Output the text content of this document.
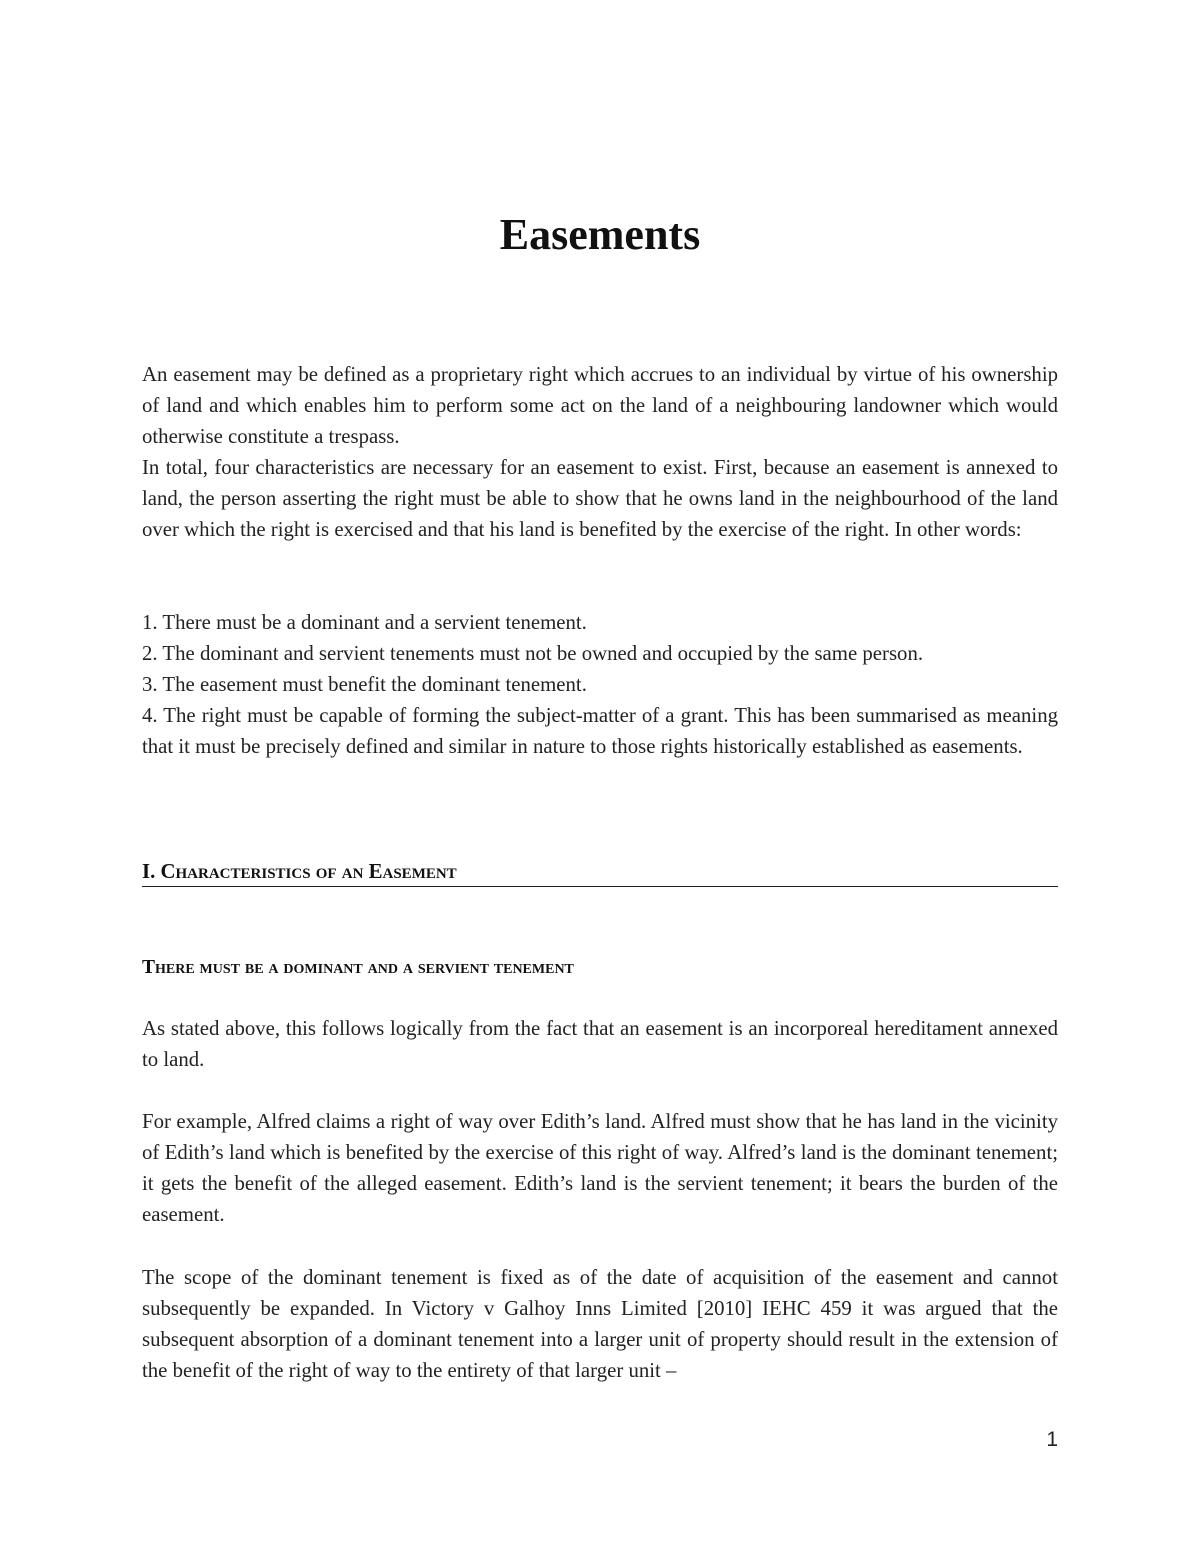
Easements

An easement may be defined as a proprietary right which accrues to an individual by virtue of his ownership of land and which enables him to perform some act on the land of a neighbouring landowner which would otherwise constitute a trespass.

In total, four characteristics are necessary for an easement to exist. First, because an easement is annexed to land, the person asserting the right must be able to show that he owns land in the neighbourhood of the land over which the right is exercised and that his land is benefited by the exercise of the right. In other words:

1. There must be a dominant and a servient tenement.

2. The dominant and servient tenements must not be owned and occupied by the same person.

3. The easement must benefit the dominant tenement.

4. The right must be capable of forming the subject-matter of a grant. This has been summarised as meaning that it must be precisely defined and similar in nature to those rights historically established as easements.

I. Characteristics of an Easement
There must be a dominant and a servient tenement

As stated above, this follows logically from the fact that an easement is an incorporeal hereditament annexed to land.

For example, Alfred claims a right of way over Edith’s land. Alfred must show that he has land in the vicinity of Edith’s land which is benefited by the exercise of this right of way. Alfred’s land is the dominant tenement; it gets the benefit of the alleged easement. Edith’s land is the servient tenement; it bears the burden of the easement.

The scope of the dominant tenement is fixed as of the date of acquisition of the easement and cannot subsequently be expanded. In Victory v Galhoy Inns Limited [2010] IEHC 459 it was argued that the subsequent absorption of a dominant tenement into a larger unit of property should result in the extension of the benefit of the right of way to the entirety of that larger unit –

1
